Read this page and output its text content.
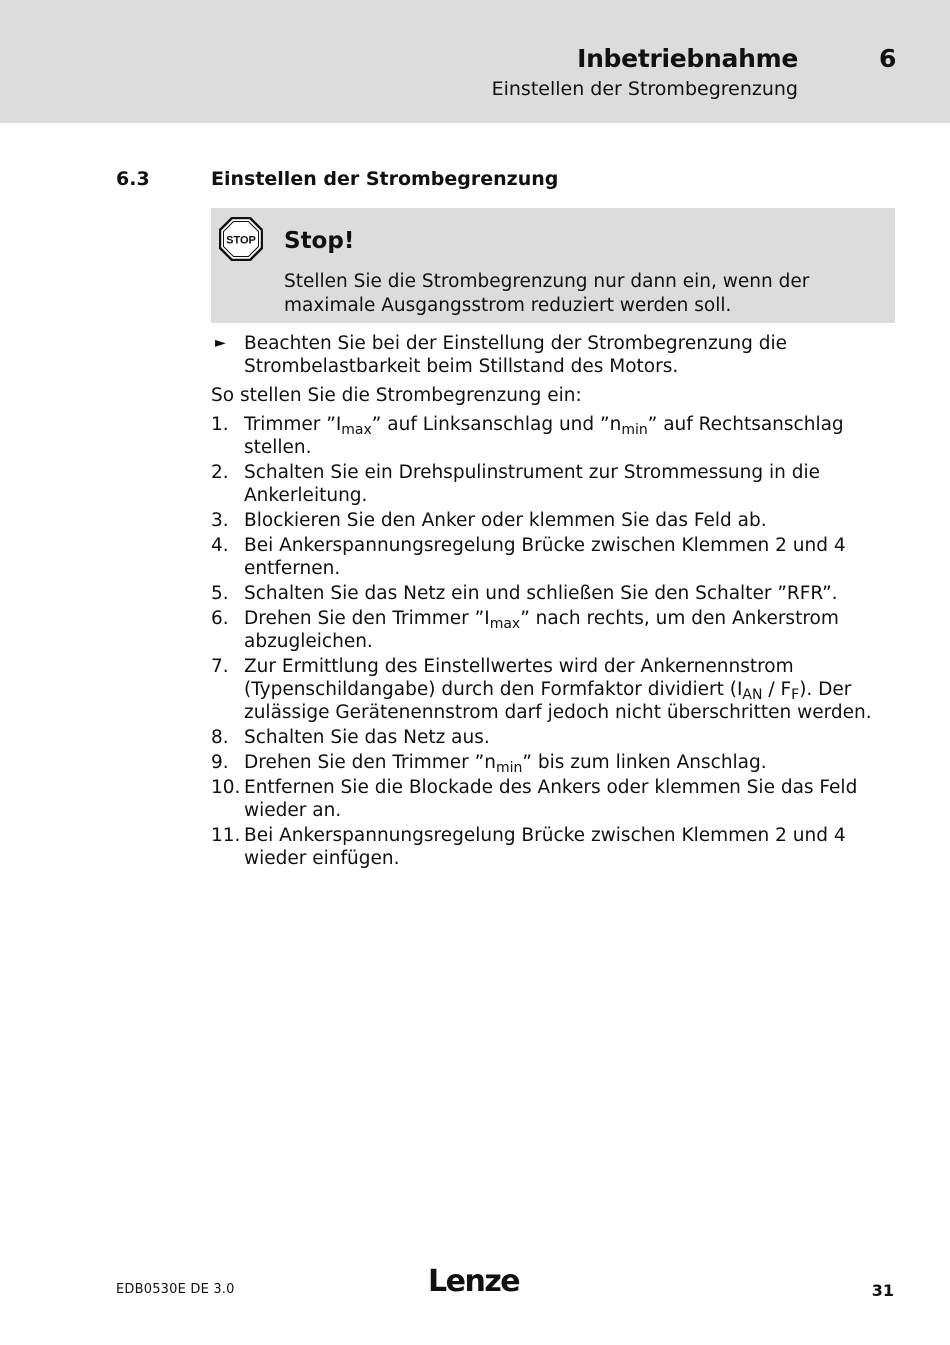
Inbetriebnahme	6
Einstellen der Strombegrenzung
6.3	Einstellen der Strombegrenzung
STOP Stop!
Stellen Sie die Strombegrenzung nur dann ein, wenn der maximale Ausgangsstrom reduziert werden soll.
► Beachten Sie bei der Einstellung der Strombegrenzung die Strombelastbarkeit beim Stillstand des Motors.
So stellen Sie die Strombegrenzung ein:
1. Trimmer $”I_{max}$” auf Linksanschlag und $”n_{min}$” auf Rechtsanschlag stellen.
2. Schalten Sie ein Drehspulinstrument zur Strommessung in die Ankerleitung.
3. Blockieren Sie den Anker oder klemmen Sie das Feld ab.
4. Bei Ankerspannungsregelung Brücke zwischen Klemmen 2 und 4 entfernen.
5. Schalten Sie das Netz ein und schließen Sie den Schalter ”RFR”.
6. Drehen Sie den Trimmer $”I_{max}$” nach rechts, um den Ankerstrom abzugleichen.
7. Zur Ermittlung des Einstellwertes wird der Ankernennstrom (Typenschildangabe) durch den Formfaktor dividiert $(I_{AN} / F_F)$. Der zulässige Gerätenennstrom darf jedoch nicht überschritten werden.
8. Schalten Sie das Netz aus.
9. Drehen Sie den Trimmer $”n_{min}$” bis zum linken Anschlag.
10. Entfernen Sie die Blockade des Ankers oder klemmen Sie das Feld wieder an.
11. Bei Ankerspannungsregelung Brücke zwischen Klemmen 2 und 4 wieder einfügen.
EDB0530E DE 3.0	Lenze	31
